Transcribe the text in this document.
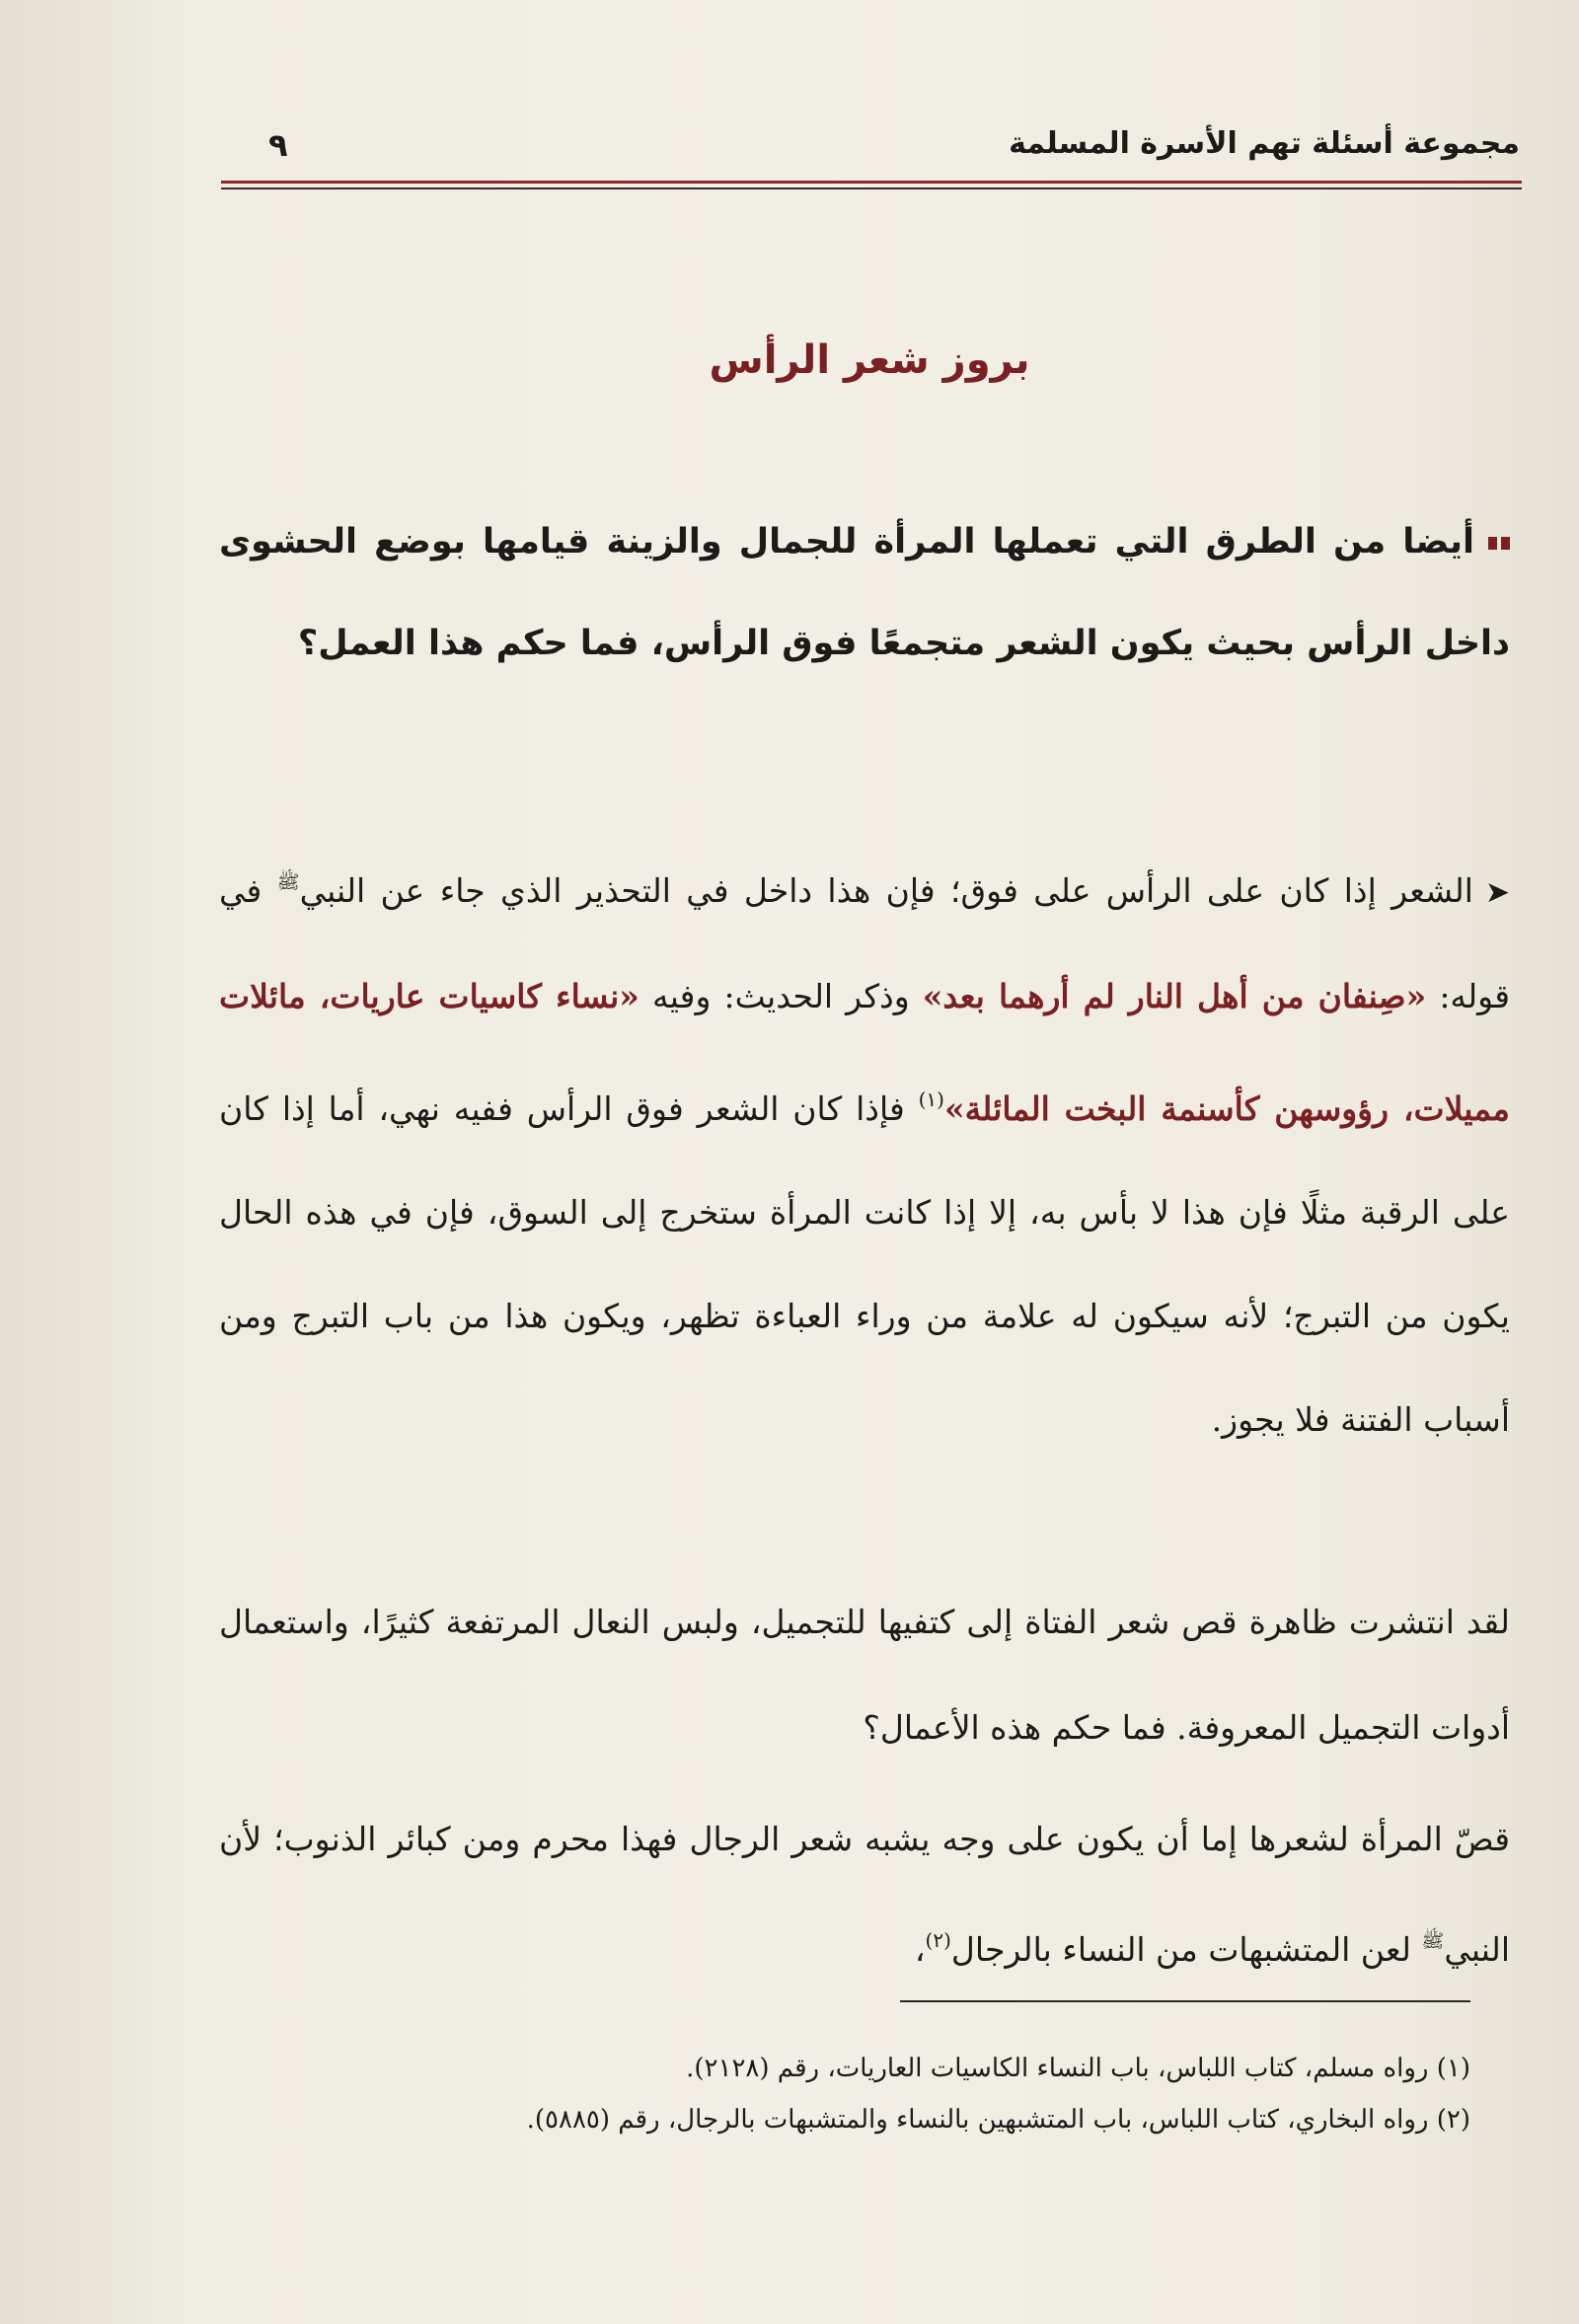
مجموعة أسئلة تهم الأسرة المسلمة
٩
بروز شعر الرأس
أيضا من الطرق التي تعملها المرأة للجمال والزينة قيامها بوضع الحشوى داخل الرأس بحيث يكون الشعر متجمعًا فوق الرأس، فما حكم هذا العمل؟
➤الشعر إذا كان على الرأس على فوق؛ فإن هذا داخل في التحذير الذي جاء عن النبي$^ﷺ$ في قوله: «صِنفان من أهل النار لم أرهما بعد» وذكر الحديث: وفيه «نساء كاسيات عاريات، مائلات مميلات، رؤوسهن كأسنمة البخت المائلة»$^{(١)}$ فإذا كان الشعر فوق الرأس ففيه نهي، أما إذا كان على الرقبة مثلًا فإن هذا لا بأس به، إلا إذا كانت المرأة ستخرج إلى السوق، فإن في هذه الحال يكون من التبرج؛ لأنه سيكون له علامة من وراء العباءة تظهر، ويكون هذا من باب التبرج ومن أسباب الفتنة فلا يجوز.
لقد انتشرت ظاهرة قص شعر الفتاة إلى كتفيها للتجميل، ولبس النعال المرتفعة كثيرًا، واستعمال أدوات التجميل المعروفة. فما حكم هذه الأعمال؟
قصّ المرأة لشعرها إما أن يكون على وجه يشبه شعر الرجال فهذا محرم ومن كبائر الذنوب؛ لأن النبي$^ﷺ$ لعن المتشبهات من النساء بالرجال$^{(٢)}$،
(١) رواه مسلم، كتاب اللباس، باب النساء الكاسيات العاريات، رقم (٢١٢٨).
(٢) رواه البخاري، كتاب اللباس، باب المتشبهين بالنساء والمتشبهات بالرجال، رقم (٥٨٨٥).
